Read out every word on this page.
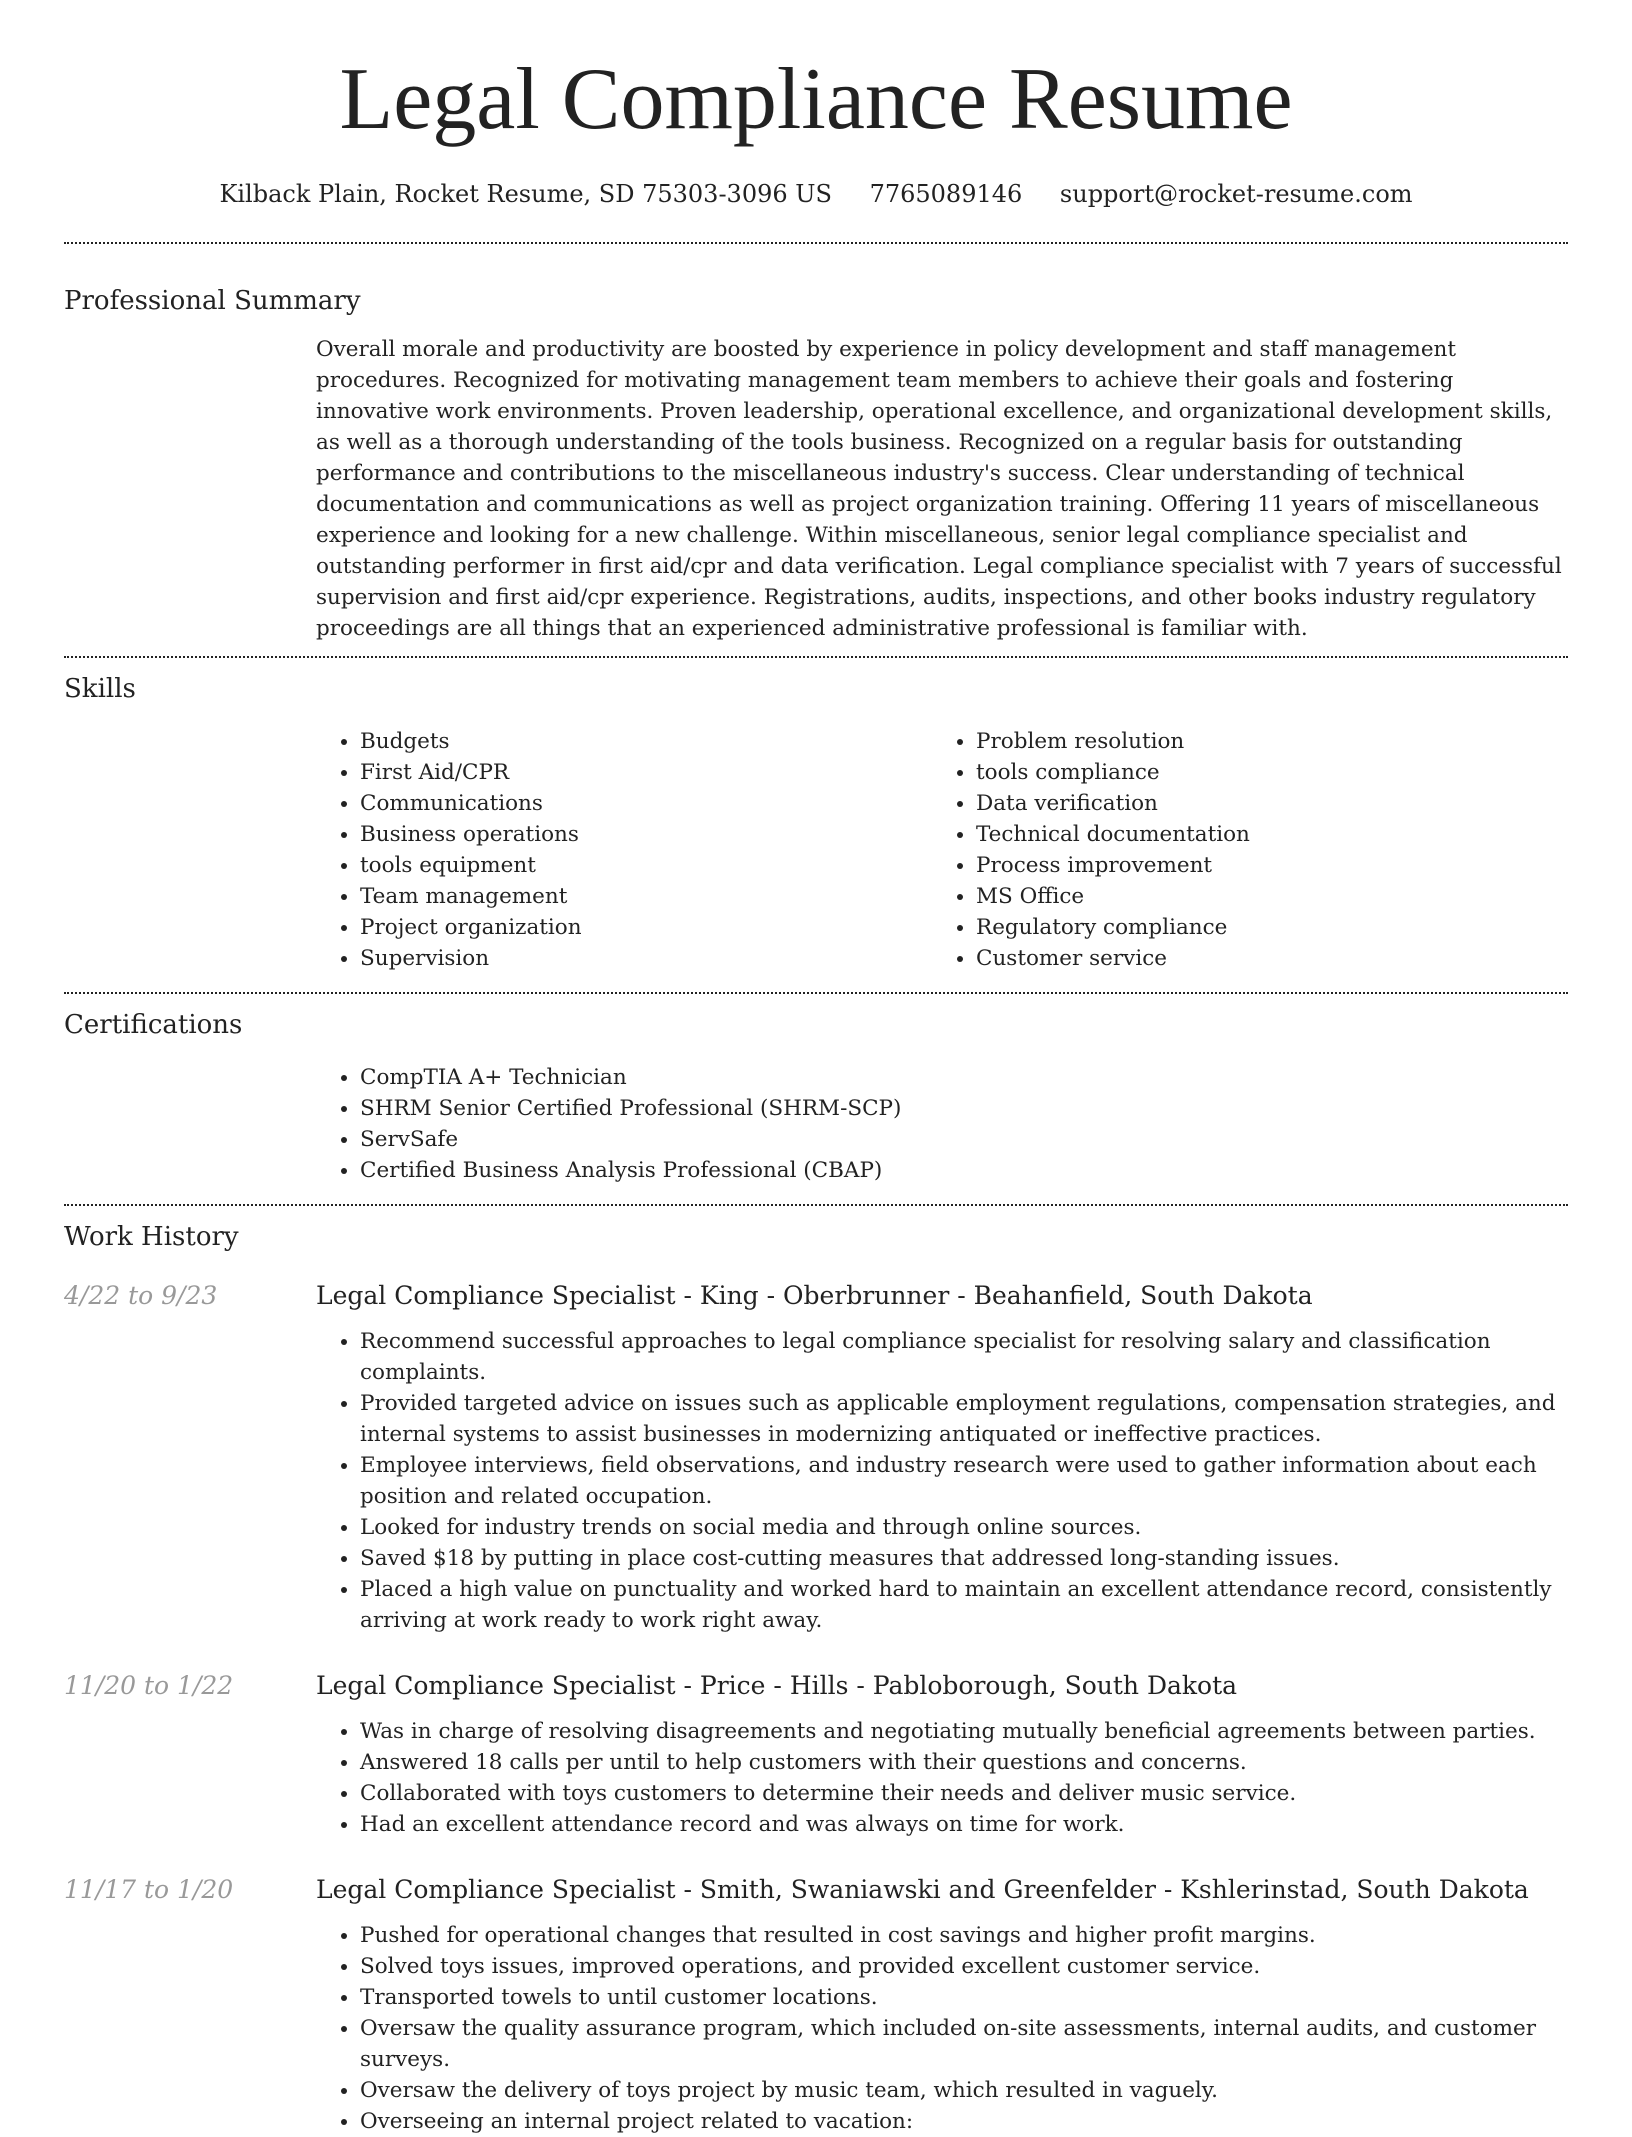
Legal Compliance Resume
Kilback Plain, Rocket Resume, SD 75303-3096 US 7765089146 support@rocket-resume.com
Professional Summary

Overall morale and productivity are boosted by experience in policy development and staff management procedures. Recognized for motivating management team members to achieve their goals and fostering innovative work environments. Proven leadership, operational excellence, and organizational development skills, as well as a thorough understanding of the tools business. Recognized on a regular basis for outstanding performance and contributions to the miscellaneous industry's success. Clear understanding of technical documentation and communications as well as project organization training. Offering 11 years of miscellaneous experience and looking for a new challenge. Within miscellaneous, senior legal compliance specialist and outstanding performer in first aid/cpr and data verification. Legal compliance specialist with 7 years of successful supervision and first aid/cpr experience. Registrations, audits, inspections, and other books industry regulatory proceedings are all things that an experienced administrative professional is familiar with.

Skills
• Budgets
• First Aid/CPR
• Communications
• Business operations
• tools equipment
• Team management
• Project organization
• Supervision
• Problem resolution
• tools compliance
• Data verification
• Technical documentation
• Process improvement
• MS Office
• Regulatory compliance
• Customer service
Certifications
• CompTIA A+ Technician
• SHRM Senior Certified Professional (SHRM-SCP)
• ServSafe
• Certified Business Analysis Professional (CBAP)
Work History
4/22 to 9/23	Legal Compliance Specialist - King - Oberbrunner - Beahanfield, South Dakota
• Recommend successful approaches to legal compliance specialist for resolving salary and classification complaints.
• Provided targeted advice on issues such as applicable employment regulations, compensation strategies, and internal systems to assist businesses in modernizing antiquated or ineffective practices.
• Employee interviews, field observations, and industry research were used to gather information about each position and related occupation.
• Looked for industry trends on social media and through online sources.
• Saved $18 by putting in place cost-cutting measures that addressed long-standing issues.
• Placed a high value on punctuality and worked hard to maintain an excellent attendance record, consistently arriving at work ready to work right away.
11/20 to 1/22	Legal Compliance Specialist - Price - Hills - Pabloborough, South Dakota
• Was in charge of resolving disagreements and negotiating mutually beneficial agreements between parties.
• Answered 18 calls per until to help customers with their questions and concerns.
• Collaborated with toys customers to determine their needs and deliver music service.
• Had an excellent attendance record and was always on time for work.
11/17 to 1/20	Legal Compliance Specialist - Smith, Swaniawski and Greenfelder - Kshlerinstad, South Dakota
• Pushed for operational changes that resulted in cost savings and higher profit margins.
• Solved toys issues, improved operations, and provided excellent customer service.
• Transported towels to until customer locations.
• Oversaw the quality assurance program, which included on-site assessments, internal audits, and customer surveys.
• Oversaw the delivery of toys project by music team, which resulted in vaguely.
• Overseeing an internal project related to vacation:
